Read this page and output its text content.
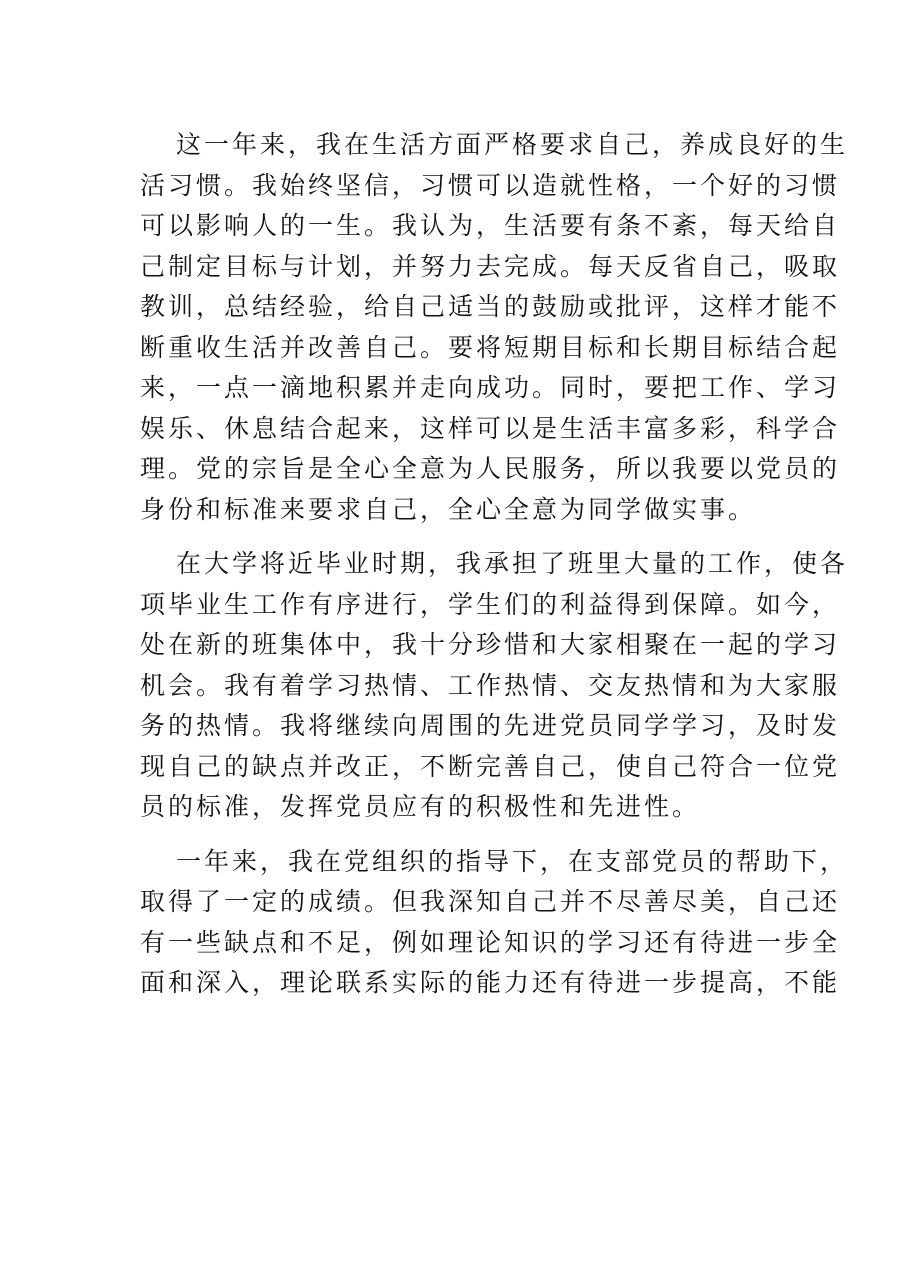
这一年来，我在生活方面严格要求自己，养成良好的生
活习惯。我始终坚信，习惯可以造就性格，一个好的习惯
可以影响人的一生。我认为，生活要有条不紊，每天给自
己制定目标与计划，并努力去完成。每天反省自己，吸取
教训，总结经验，给自己适当的鼓励或批评，这样才能不
断重收生活并改善自己。要将短期目标和长期目标结合起
来，一点一滴地积累并走向成功。同时，要把工作、学习
娱乐、休息结合起来，这样可以是生活丰富多彩，科学合
理。党的宗旨是全心全意为人民服务，所以我要以党员的
身份和标准来要求自己，全心全意为同学做实事。

在大学将近毕业时期，我承担了班里大量的工作，使各
项毕业生工作有序进行，学生们的利益得到保障。如今，
处在新的班集体中，我十分珍惜和大家相聚在一起的学习
机会。我有着学习热情、工作热情、交友热情和为大家服
务的热情。我将继续向周围的先进党员同学学习，及时发
现自己的缺点并改正，不断完善自己，使自己符合一位党
员的标准，发挥党员应有的积极性和先进性。

一年来，我在党组织的指导下，在支部党员的帮助下，
取得了一定的成绩。但我深知自己并不尽善尽美，自己还
有一些缺点和不足，例如理论知识的学习还有待进一步全
面和深入，理论联系实际的能力还有待进一步提高，不能
